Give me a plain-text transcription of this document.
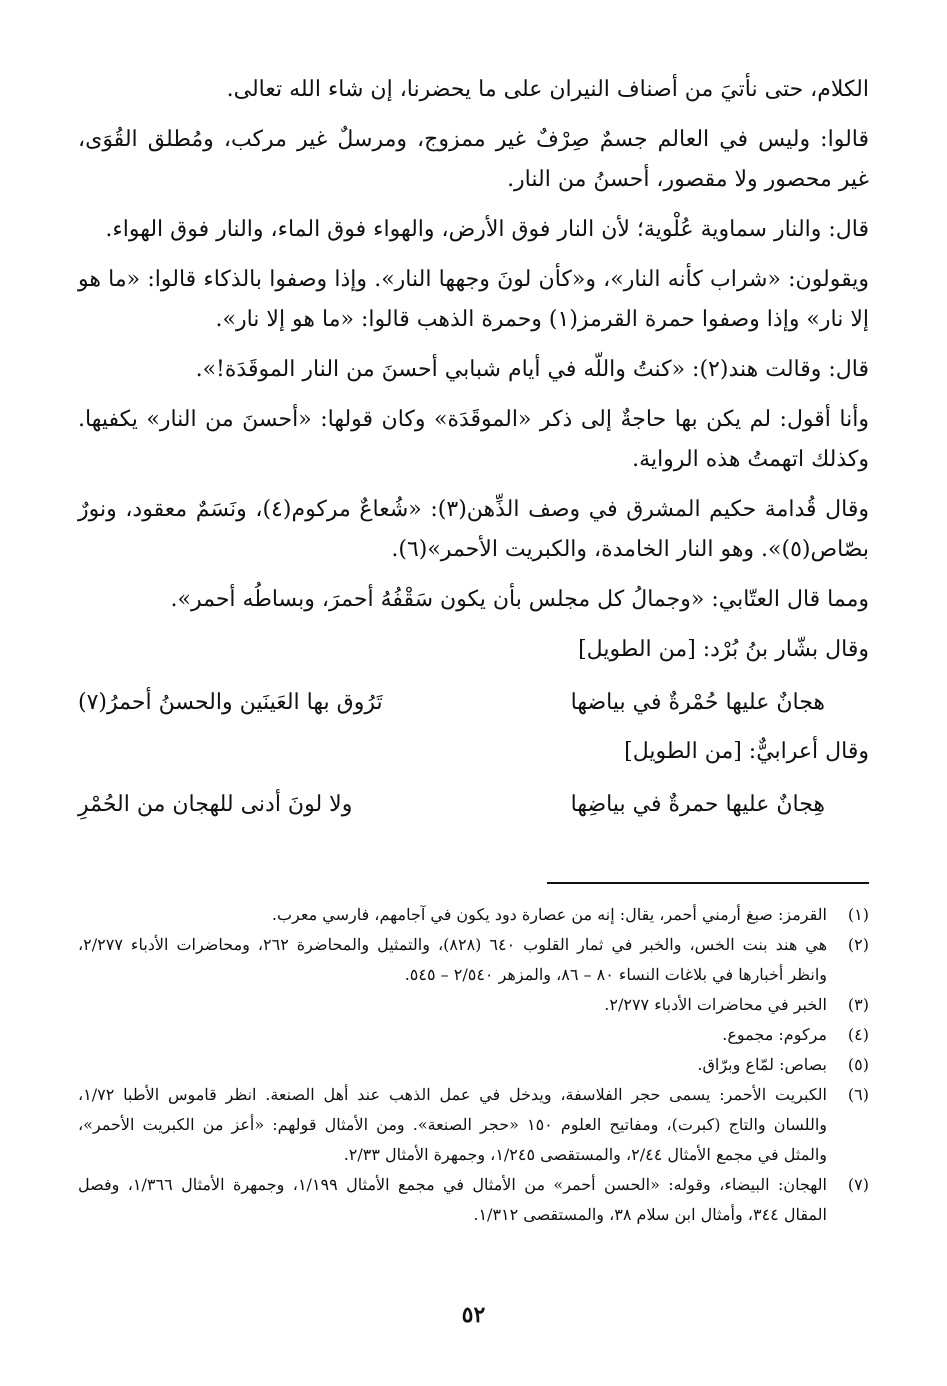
الكلام، حتى نأتيَ من أصناف النيران على ما يحضرنا، إن شاء الله تعالى.

قالوا: وليس في العالم جسمٌ صِرْفٌ غير ممزوج، ومرسلٌ غير مركب، ومُطلق القُوَى، غير محصور ولا مقصور، أحسنُ من النار.

قال: والنار سماوية عُلْوية؛ لأن النار فوق الأرض، والهواء فوق الماء، والنار فوق الهواء.

ويقولون: «شراب كأنه النار»، و«كأن لونَ وجهها النار». وإذا وصفوا بالذكاء قالوا: «ما هو إلا نار» وإذا وصفوا حمرة القرمز(١) وحمرة الذهب قالوا: «ما هو إلا نار».

قال: وقالت هند(٢): «كنتُ واللّه في أيام شبابي أحسنَ من النار الموقَدَة!».

وأنا أقول: لم يكن بها حاجةٌ إلى ذكر «الموقَدَة» وكان قولها: «أحسنَ من النار» يكفيها. وكذلك اتهمتُ هذه الرواية.

وقال قُدامة حكيم المشرق في وصف الذِّهن(٣): «شُعاعٌ مركوم(٤)، ونَسَمٌ معقود، ونورٌ بصّاص(٥)». وهو النار الخامدة، والكبريت الأحمر»(٦).

ومما قال العتّابي: «وجمالُ كل مجلس بأن يكون سَقْفُهُ أحمرَ، وبساطُه أحمر».

وقال بشّار بنُ بُرْد: [من الطويل]

هجانٌ عليها حُمْرةٌ في بياضها
تَرُوق بها العَينَين والحسنُ أحمرُ(٧)

وقال أعرابيٌّ: [من الطويل]

هِجانٌ عليها حمرةٌ في بياضِها
ولا لونَ أدنى للهجان من الحُمْرِ
(١)
القرمز: صبغ أرمني أحمر، يقال: إنه من عصارة دود يكون في آجامهم، فارسي معرب.
(٢)
هي هند بنت الخس، والخبر في ثمار القلوب ٦٤٠ (٨٢٨)، والتمثيل والمحاضرة ٢٦٢، ومحاضرات الأدباء ٢/٢٧٧، وانظر أخبارها في بلاغات النساء ٨٠ – ٨٦، والمزهر ٢/٥٤٠ – ٥٤٥.
(٣)
الخبر في محاضرات الأدباء ٢/٢٧٧.
(٤)
مركوم: مجموع.
(٥)
بصاص: لمّاع وبرّاق.
(٦)
الكبريت الأحمر: يسمى حجر الفلاسفة، ويدخل في عمل الذهب عند أهل الصنعة. انظر قاموس الأطبا ١/٧٢، واللسان والتاج (كبرت)، ومفاتيح العلوم ١٥٠ «حجر الصنعة». ومن الأمثال قولهم: «أعز من الكبريت الأحمر»، والمثل في مجمع الأمثال ٢/٤٤، والمستقصى ١/٢٤٥، وجمهرة الأمثال ٢/٣٣.
(٧)
الهجان: البيضاء، وقوله: «الحسن أحمر» من الأمثال في مجمع الأمثال ١/١٩٩، وجمهرة الأمثال ١/٣٦٦، وفصل المقال ٣٤٤، وأمثال ابن سلام ٣٨، والمستقصى ١/٣١٢.
٥٢
